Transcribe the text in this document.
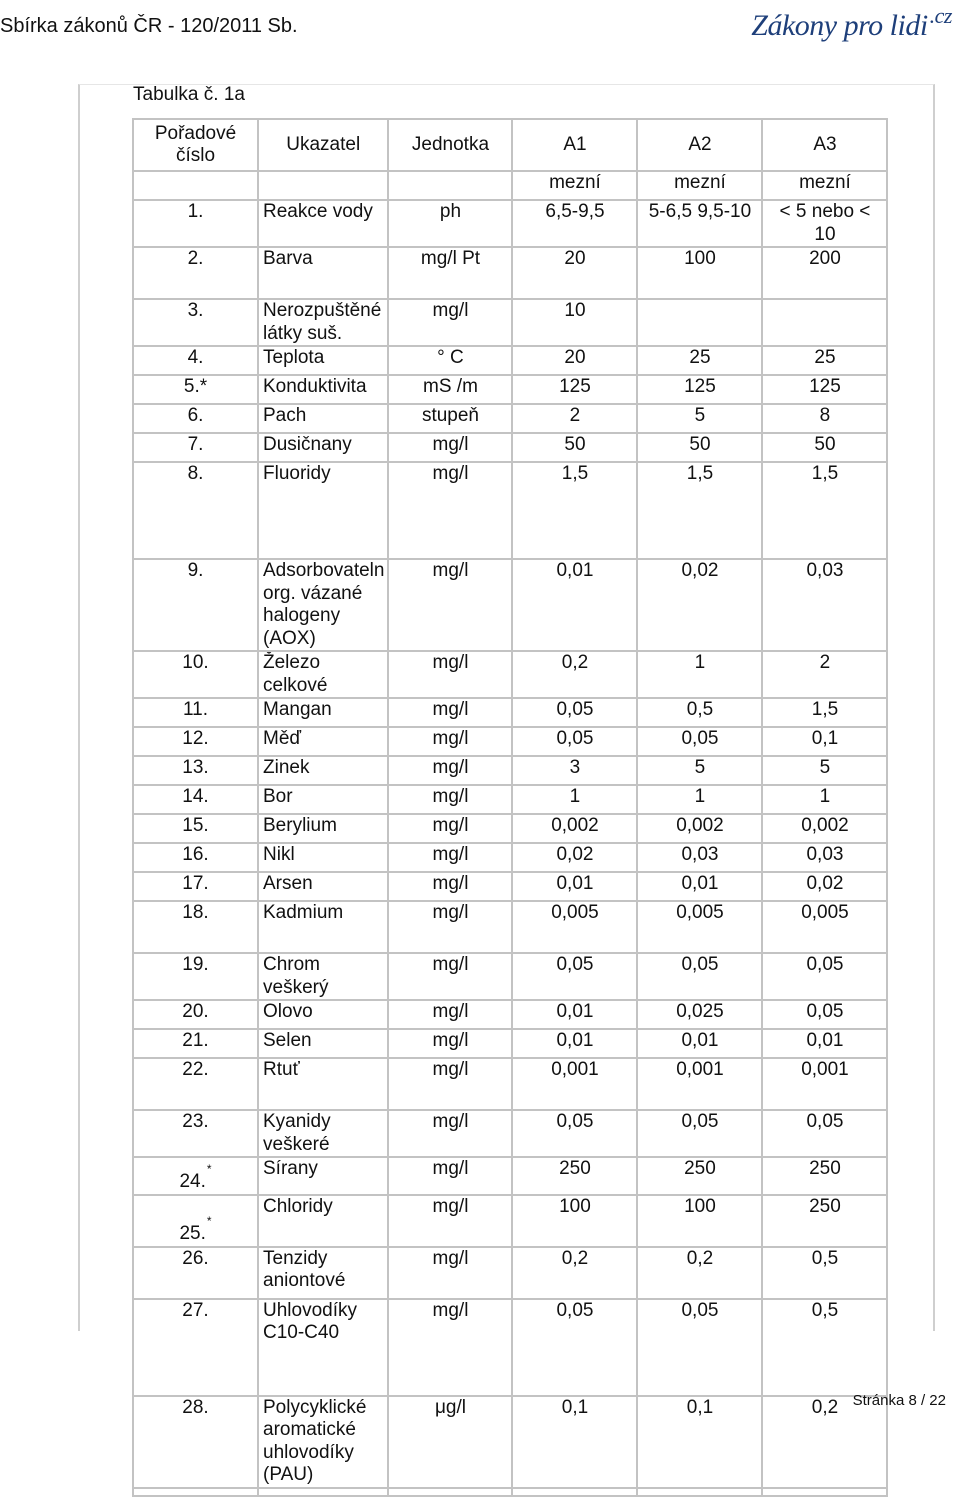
Sbírka zákonů ČR - 120/2011 Sb.	Zákony pro lidi$^{.cz}$
Tabulka č. 1a
Pořadové
číslo	Ukazatel	Jednotka	A1	A2	A3
			mezní	mezní	mezní
1.	Reakce vody	ph	6,5-9,5	5-6,5 9,5-10	< 5 nebo < 10
2.	Barva	mg/l Pt	20	100	200
3.	Nerozpuštěné
látky suš.	mg/l	10		
4.	Teplota	° C	20	25	25
5.*	Konduktivita	mS /m	125	125	125
6.	Pach	stupeň	2	5	8
7.	Dusičnany	mg/l	50	50	50
8.	Fluoridy	mg/l	1,5	1,5	1,5
9.	Adsorbovateln
org. vázané
halogeny
(AOX)	mg/l	0,01	0,02	0,03
10.	Železo
celkové	mg/l	0,2	1	2
11.	Mangan	mg/l	0,05	0,5	1,5
12.	Měď	mg/l	0,05	0,05	0,1
13.	Zinek	mg/l	3	5	5
14.	Bor	mg/l	1	1	1
15.	Berylium	mg/l	0,002	0,002	0,002
16.	Nikl	mg/l	0,02	0,03	0,03
17.	Arsen	mg/l	0,01	0,01	0,02
18.	Kadmium	mg/l	0,005	0,005	0,005
19.	Chrom
veškerý	mg/l	0,05	0,05	0,05
20.	Olovo	mg/l	0,01	0,025	0,05
21.	Selen	mg/l	0,01	0,01	0,01
22.	Rtuť	mg/l	0,001	0,001	0,001
23.	Kyanidy
veškeré	mg/l	0,05	0,05	0,05
24.*	Sírany	mg/l	250	250	250
25.*	Chloridy	mg/l	100	100	250
26.	Tenzidy
aniontové	mg/l	0,2	0,2	0,5
27.	Uhlovodíky
C10-C40	mg/l	0,05	0,05	0,5
28.	Polycyklické
aromatické
uhlovodíky
(PAU)	μg/l	0,1	0,1	0,2
					Stránka 8 / 22
